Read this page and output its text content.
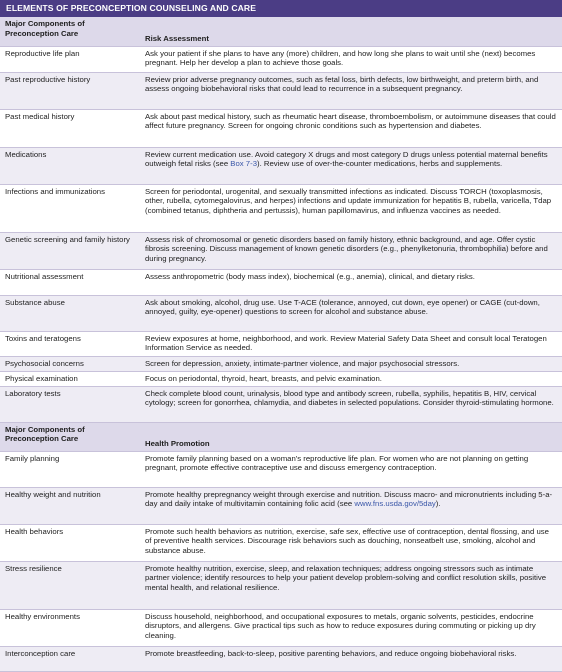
ELEMENTS OF PRECONCEPTION COUNSELING AND CARE
Major Components of Preconception Care	Risk Assessment
Reproductive life plan	Ask your patient if she plans to have any (more) children, and how long she plans to wait until she (next) becomes pregnant. Help her develop a plan to achieve those goals.
Past reproductive history	Review prior adverse pregnancy outcomes, such as fetal loss, birth defects, low birthweight, and preterm birth, and assess ongoing biobehavioral risks that could lead to recurrence in a subsequent pregnancy.
Past medical history	Ask about past medical history, such as rheumatic heart disease, thromboembolism, or autoimmune diseases that could affect future pregnancy. Screen for ongoing chronic conditions such as hypertension and diabetes.
Medications	Review current medication use. Avoid category X drugs and most category D drugs unless potential maternal benefits outweigh fetal risks (see Box 7-3). Review use of over-the-counter medications, herbs and supplements.
Infections and immunizations	Screen for periodontal, urogenital, and sexually transmitted infections as indicated. Discuss TORCH (toxoplasmosis, other, rubella, cytomegalovirus, and herpes) infections and update immunization for hepatitis B, rubella, varicella, Tdap (combined tetanus, diphtheria and pertussis), human papillomavirus, and influenza vaccines as needed.
Genetic screening and family history	Assess risk of chromosomal or genetic disorders based on family history, ethnic background, and age. Offer cystic fibrosis screening. Discuss management of known genetic disorders (e.g., phenylketonuria, thrombophilia) before and during pregnancy.
Nutritional assessment	Assess anthropometric (body mass index), biochemical (e.g., anemia), clinical, and dietary risks.
Substance abuse	Ask about smoking, alcohol, drug use. Use T-ACE (tolerance, annoyed, cut down, eye opener) or CAGE (cut-down, annoyed, guilty, eye-opener) questions to screen for alcohol and substance abuse.
Toxins and teratogens	Review exposures at home, neighborhood, and work. Review Material Safety Data Sheet and consult local Teratogen Information Service as needed.
Psychosocial concerns	Screen for depression, anxiety, intimate-partner violence, and major psychosocial stressors.
Physical examination	Focus on periodontal, thyroid, heart, breasts, and pelvic examination.
Laboratory tests	Check complete blood count, urinalysis, blood type and antibody screen, rubella, syphilis, hepatitis B, HIV, cervical cytology; screen for gonorrhea, chlamydia, and diabetes in selected populations. Consider thyroid-stimulating hormone.
Major Components of Preconception Care	Health Promotion
Family planning	Promote family planning based on a woman's reproductive life plan. For women who are not planning on getting pregnant, promote effective contraceptive use and discuss emergency contraception.
Healthy weight and nutrition	Promote healthy prepregnancy weight through exercise and nutrition. Discuss macro- and micronutrients including 5-a-day and daily intake of multivitamin containing folic acid (see www.fns.usda.gov/5day).
Health behaviors	Promote such health behaviors as nutrition, exercise, safe sex, effective use of contraception, dental flossing, and use of preventive health services. Discourage risk behaviors such as douching, nonseatbelt use, smoking, alcohol and substance abuse.
Stress resilience	Promote healthy nutrition, exercise, sleep, and relaxation techniques; address ongoing stressors such as intimate partner violence; identify resources to help your patient develop problem-solving and conflict resolution skills, positive mental health, and relational resilience.
Healthy environments	Discuss household, neighborhood, and occupational exposures to metals, organic solvents, pesticides, endocrine disruptors, and allergens. Give practical tips such as how to reduce exposures during commuting or picking up dry cleaning.
Interconception care	Promote breastfeeding, back-to-sleep, positive parenting behaviors, and reduce ongoing biobehavioral risks.
